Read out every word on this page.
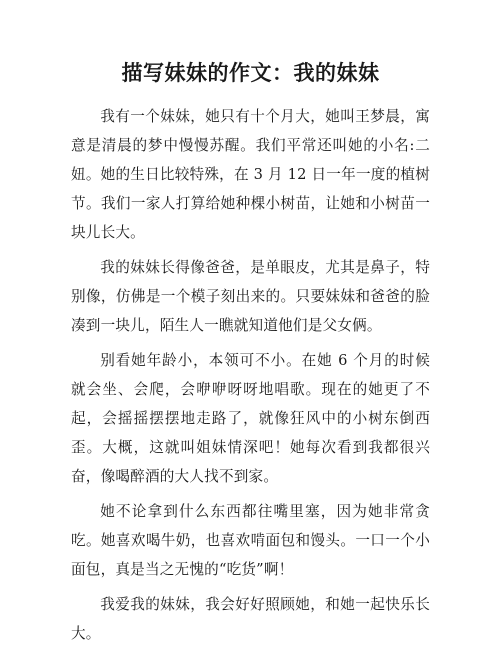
描写妹妹的作文：我的妹妹

我有一个妹妹，她只有十个月大，她叫王梦晨，寓意是清晨的梦中慢慢苏醒。我们平常还叫她的小名:二妞。她的生日比较特殊，在 3 月 12 日一年一度的植树节。我们一家人打算给她种棵小树苗，让她和小树苗一块儿长大。

我的妹妹长得像爸爸，是单眼皮，尤其是鼻子，特别像，仿佛是一个模子刻出来的。只要妹妹和爸爸的脸凑到一块儿，陌生人一瞧就知道他们是父女俩。

别看她年龄小，本领可不小。在她 6 个月的时候就会坐、会爬，会咿咿呀呀地唱歌。现在的她更了不起，会摇摇摆摆地走路了，就像狂风中的小树东倒西歪。大概，这就叫姐妹情深吧！她每次看到我都很兴奋，像喝醉酒的大人找不到家。

她不论拿到什么东西都往嘴里塞，因为她非常贪吃。她喜欢喝牛奶，也喜欢啃面包和馒头。一口一个小面包，真是当之无愧的“吃货”啊！

我爱我的妹妹，我会好好照顾她，和她一起快乐长大。
